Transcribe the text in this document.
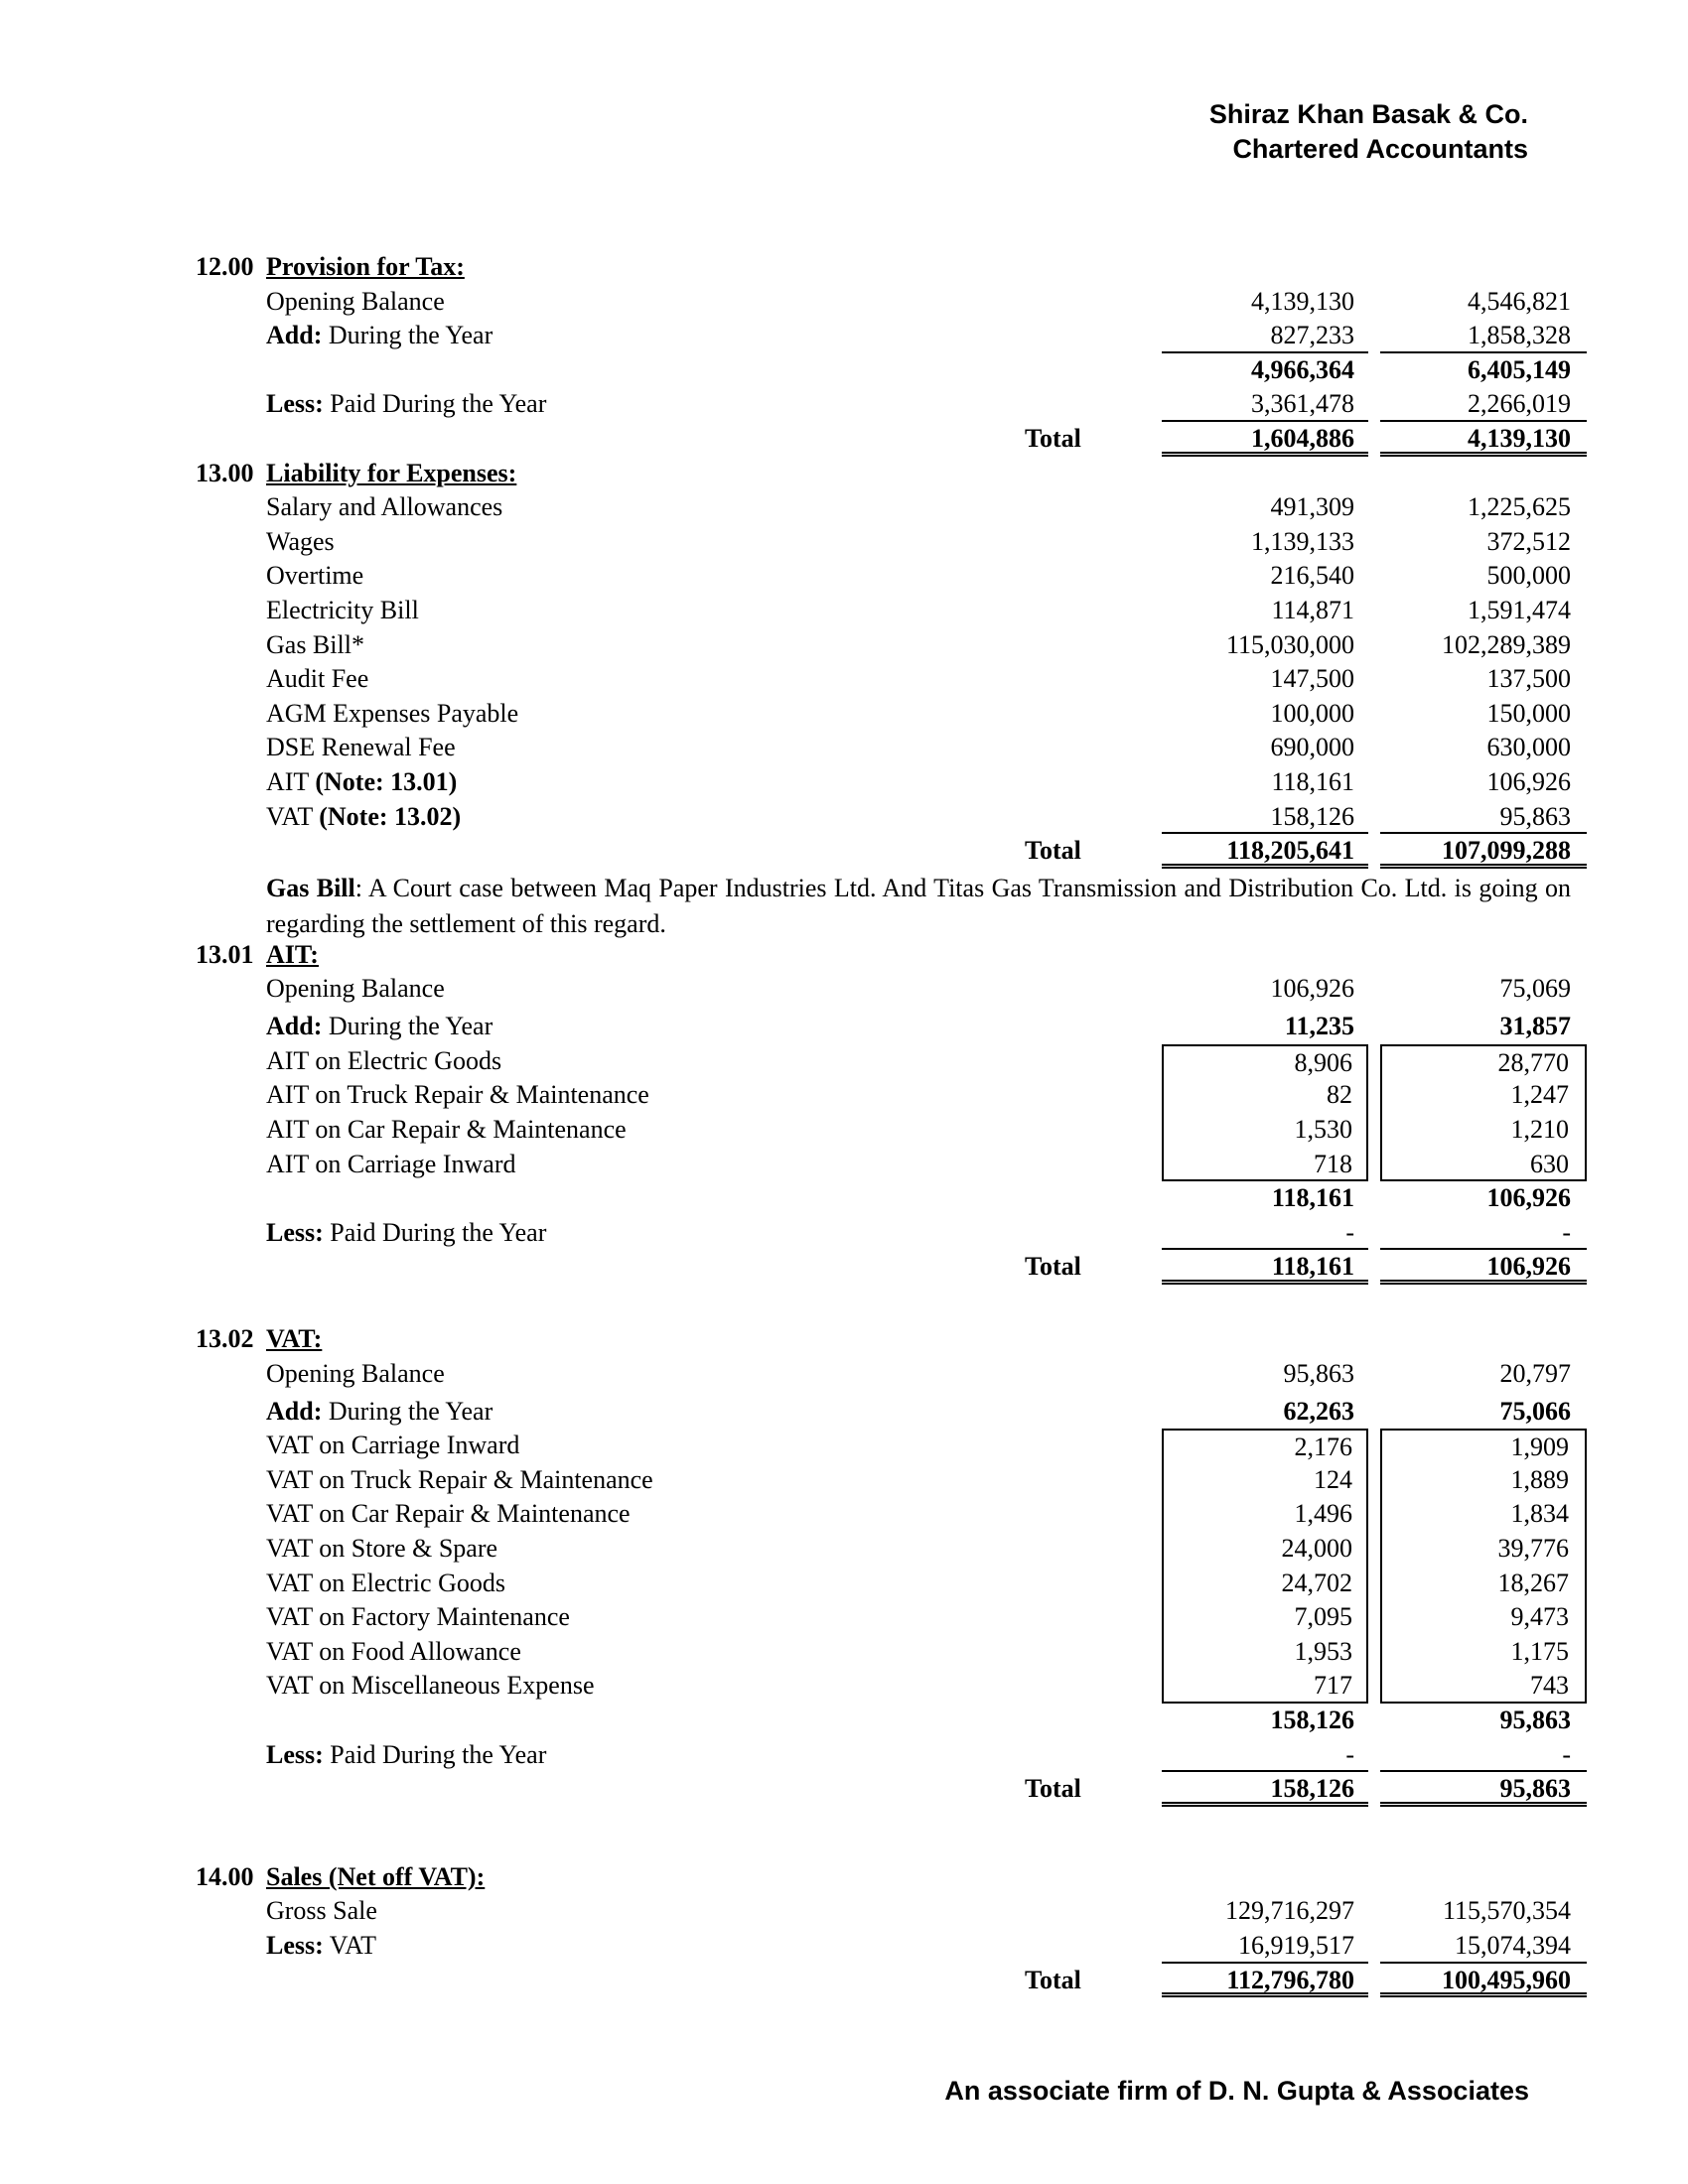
Shiraz Khan Basak & Co.

Chartered Accountants
12.00 Provision for Tax:
Opening Balance	4,139,130	4,546,821
Add: During the Year	827,233	1,858,328
4,966,364	6,405,149
Less: Paid During the Year	3,361,478	2,266,019
Total	1,604,886	4,139,130
13.00 Liability for Expenses:
Salary and Allowances	491,309	1,225,625
Wages	1,139,133	372,512
Overtime	216,540	500,000
Electricity Bill	114,871	1,591,474
Gas Bill*	115,030,000	102,289,389
Audit Fee	147,500	137,500
AGM Expenses Payable	100,000	150,000
DSE Renewal Fee	690,000	630,000
AIT (Note: 13.01)	118,161	106,926
VAT (Note: 13.02)	158,126	95,863
Total	118,205,641	107,099,288
Gas Bill: A Court case between Maq Paper Industries Ltd. And Titas Gas Transmission and Distribution Co. Ltd. is going on regarding the settlement of this regard.
13.01 AIT:
Opening Balance	106,926	75,069
Add: During the Year	11,235	31,857
AIT on Electric Goods	8,906	28,770
AIT on Truck Repair & Maintenance	82	1,247
AIT on Car Repair & Maintenance	1,530	1,210
AIT on Carriage Inward	718	630
118,161	106,926
Less: Paid During the Year	-	-
Total	118,161	106,926
13.02 VAT:
Opening Balance	95,863	20,797
Add: During the Year	62,263	75,066
VAT on Carriage Inward	2,176	1,909
VAT on Truck Repair & Maintenance	124	1,889
VAT on Car Repair & Maintenance	1,496	1,834
VAT on Store & Spare	24,000	39,776
VAT on Electric Goods	24,702	18,267
VAT on Factory Maintenance	7,095	9,473
VAT on Food Allowance	1,953	1,175
VAT on Miscellaneous Expense	717	743
158,126	95,863
Less: Paid During the Year	-	-
Total	158,126	95,863
14.00 Sales (Net off VAT):
Gross Sale	129,716,297	115,570,354
Less: VAT	16,919,517	15,074,394
Total	112,796,780	100,495,960
An associate firm of D. N. Gupta & Associates
